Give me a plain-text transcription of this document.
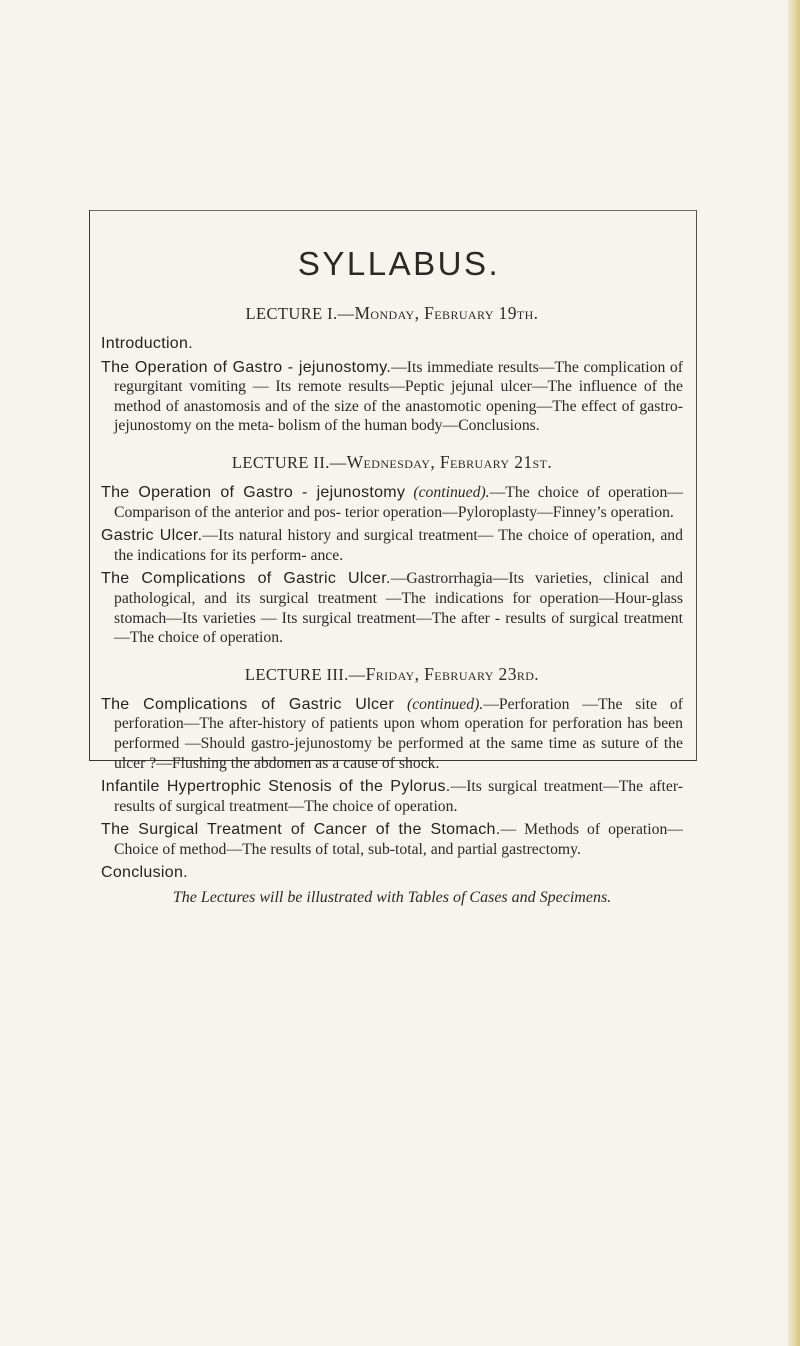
SYLLABUS.
LECTURE I.—Monday, February 19th.

Introduction.

The Operation of Gastro - jejunostomy.—Its immediate results—The complication of regurgitant vomiting — Its remote results—Peptic jejunal ulcer—The influence of the method of anastomosis and of the size of the anastomotic opening—The effect of gastro-jejunostomy on the meta- bolism of the human body—Conclusions.

LECTURE II.—Wednesday, February 21st.

The Operation of Gastro - jejunostomy (continued).—The choice of operation—Comparison of the anterior and pos- terior operation—Pyloroplasty—Finney’s operation.

Gastric Ulcer.—Its natural history and surgical treatment— The choice of operation, and the indications for its perform- ance.

The Complications of Gastric Ulcer.—Gastrorrhagia—Its varieties, clinical and pathological, and its surgical treatment —The indications for operation—Hour-glass stomach—Its varieties — Its surgical treatment—The after - results of surgical treatment—The choice of operation.

LECTURE III.—Friday, February 23rd.

The Complications of Gastric Ulcer (continued).—Perforation —The site of perforation—The after-history of patients upon whom operation for perforation has been performed —Should gastro-jejunostomy be performed at the same time as suture of the ulcer ?—Flushing the abdomen as a cause of shock.

Infantile Hypertrophic Stenosis of the Pylorus.—Its surgical treatment—The after-results of surgical treatment—The choice of operation.

The Surgical Treatment of Cancer of the Stomach.— Methods of operation—Choice of method—The results of total, sub-total, and partial gastrectomy.

Conclusion.

The Lectures will be illustrated with Tables of Cases and Specimens.
